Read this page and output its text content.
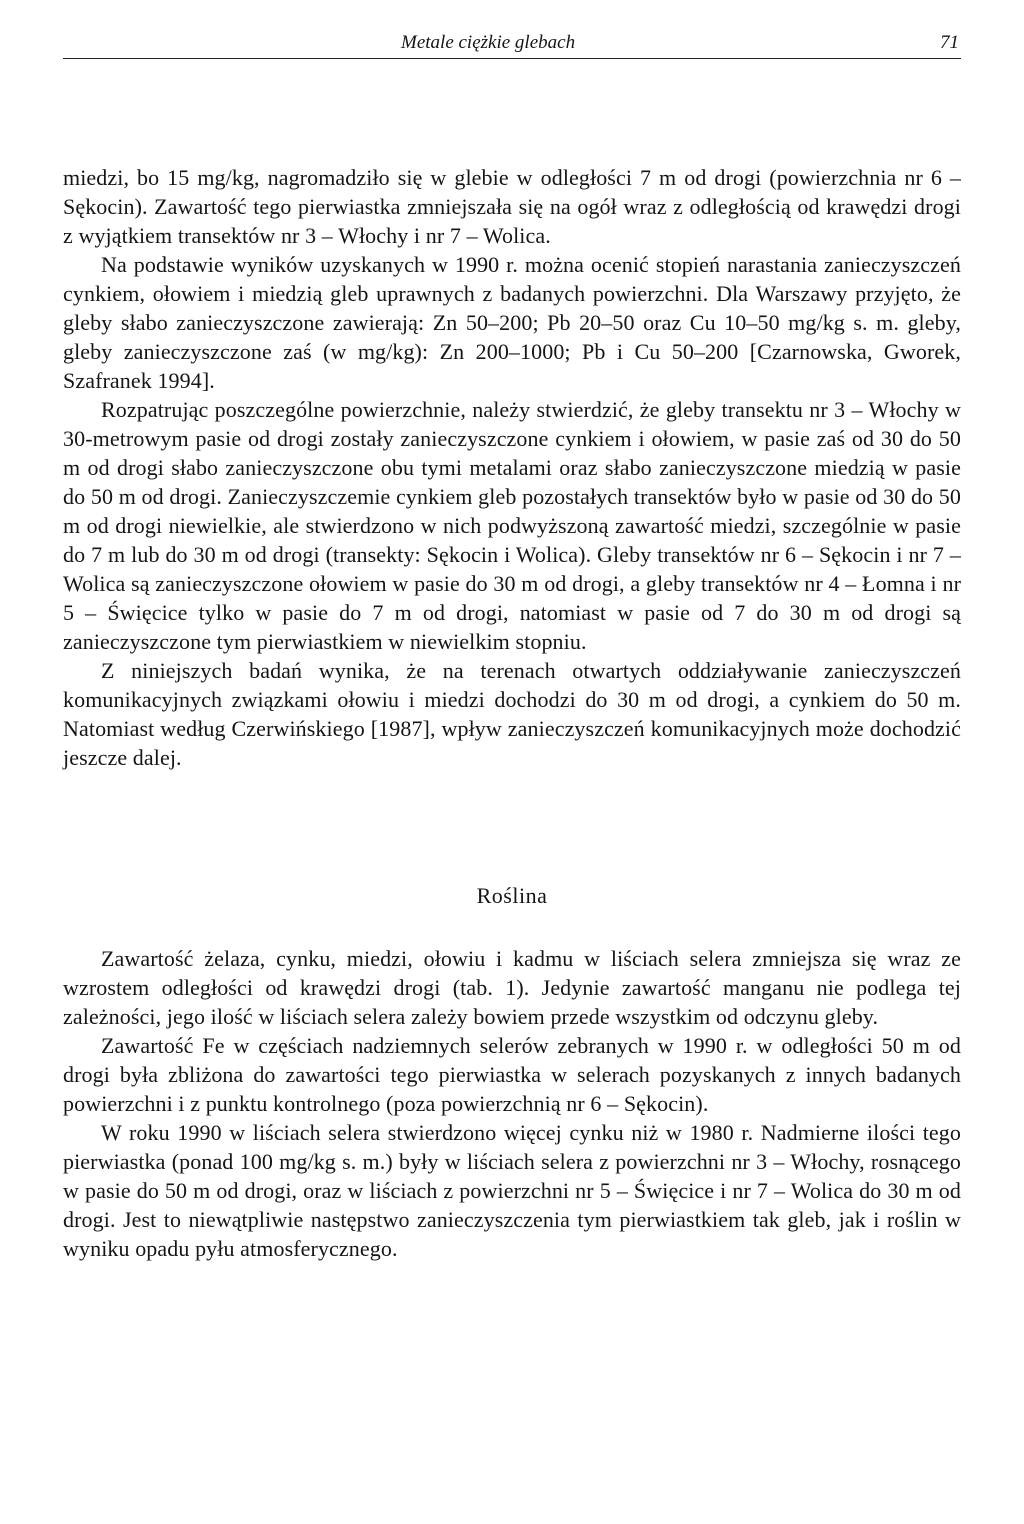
Metale ciężkie glebach	71

miedzi, bo 15 mg/kg, nagromadziło się w glebie w odległości 7 m od drogi (powierzchnia nr 6 – Sękocin). Zawartość tego pierwiastka zmniejszała się na ogół wraz z odległością od krawędzi drogi z wyjątkiem transektów nr 3 – Włochy i nr 7 – Wolica.

Na podstawie wyników uzyskanych w 1990 r. można ocenić stopień narastania zanieczyszczeń cynkiem, ołowiem i miedzią gleb uprawnych z badanych powierzchni. Dla Warszawy przyjęto, że gleby słabo zanieczyszczone zawierają: Zn 50–200; Pb 20–50 oraz Cu 10–50 mg/kg s. m. gleby, gleby zanieczyszczone zaś (w mg/kg): Zn 200–1000; Pb i Cu 50–200 [Czarnowska, Gworek, Szafranek 1994].

Rozpatrując poszczególne powierzchnie, należy stwierdzić, że gleby transektu nr 3 – Włochy w 30-metrowym pasie od drogi zostały zanieczyszczone cynkiem i ołowiem, w pasie zaś od 30 do 50 m od drogi słabo zanieczyszczone obu tymi metalami oraz słabo zanieczyszczone miedzią w pasie do 50 m od drogi. Zanieczyszczemie cynkiem gleb pozostałych transektów było w pasie od 30 do 50 m od drogi niewielkie, ale stwierdzono w nich podwyższoną zawartość miedzi, szczególnie w pasie do 7 m lub do 30 m od drogi (transekty: Sękocin i Wolica). Gleby transektów nr 6 – Sękocin i nr 7 – Wolica są zanieczyszczone ołowiem w pasie do 30 m od drogi, a gleby transektów nr 4 – Łomna i nr 5 – Święcice tylko w pasie do 7 m od drogi, natomiast w pasie od 7 do 30 m od drogi są zanieczyszczone tym pierwiastkiem w niewielkim stopniu.

Z niniejszych badań wynika, że na terenach otwartych oddziaływanie zanieczyszczeń komunikacyjnych związkami ołowiu i miedzi dochodzi do 30 m od drogi, a cynkiem do 50 m. Natomiast według Czerwińskiego [1987], wpływ zanieczyszczeń komunikacyjnych może dochodzić jeszcze dalej.

Roślina

Zawartość żelaza, cynku, miedzi, ołowiu i kadmu w liściach selera zmniejsza się wraz ze wzrostem odległości od krawędzi drogi (tab. 1). Jedynie zawartość manganu nie podlega tej zależności, jego ilość w liściach selera zależy bowiem przede wszystkim od odczynu gleby.

Zawartość Fe w częściach nadziemnych selerów zebranych w 1990 r. w odległości 50 m od drogi była zbliżona do zawartości tego pierwiastka w selerach pozyskanych z innych badanych powierzchni i z punktu kontrolnego (poza powierzchnią nr 6 – Sękocin).

W roku 1990 w liściach selera stwierdzono więcej cynku niż w 1980 r. Nadmierne ilości tego pierwiastka (ponad 100 mg/kg s. m.) były w liściach selera z powierzchni nr 3 – Włochy, rosnącego w pasie do 50 m od drogi, oraz w liściach z powierzchni nr 5 – Święcice i nr 7 – Wolica do 30 m od drogi. Jest to niewątpliwie następstwo zanieczyszczenia tym pierwiastkiem tak gleb, jak i roślin w wyniku opadu pyłu atmosferycznego.
